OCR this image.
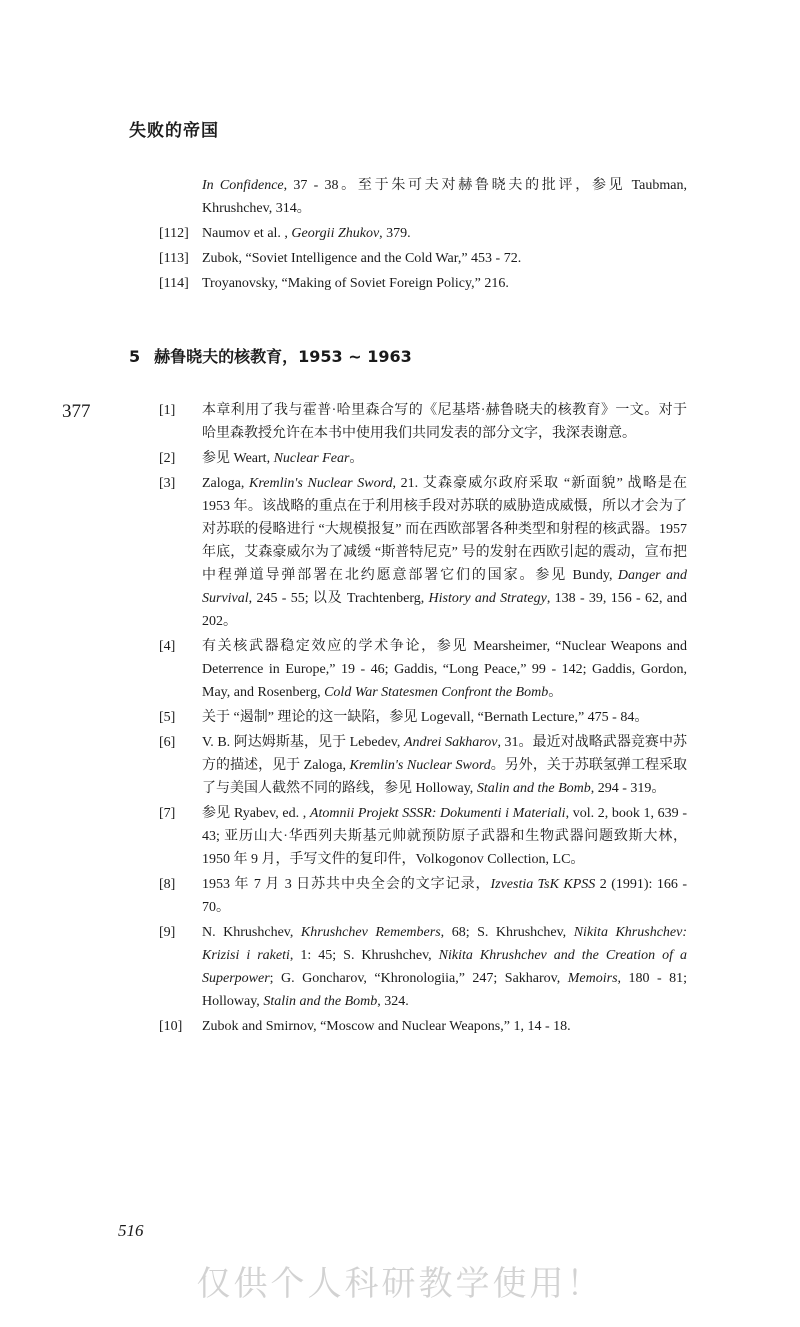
失败的帝国
In Confidence, 37 - 38。至于朱可夫对赫鲁晓夫的批评，参见 Taubman, Khrushchev, 314。
[112] Naumov et al. , Georgii Zhukov, 379.
[113] Zubok, “Soviet Intelligence and the Cold War,” 453 - 72.
[114] Troyanovsky, “Making of Soviet Foreign Policy,” 216.
5 赫鲁晓夫的核教育，1953 ~ 1963
377	[1]	本章利用了我与霍普·哈里森合写的《尼基塔·赫鲁晓夫的核教育》一文。对于哈里森教授允许在本书中使用我们共同发表的部分文字，我深表谢意。
[2]	参见 Weart, Nuclear Fear。
[3]	Zaloga, Kremlin's Nuclear Sword, 21. 艾森豪威尔政府采取 “新面貌” 战略是在 1953 年。该战略的重点在于利用核手段对苏联的威胁造成威慑，所以才会为了对苏联的侵略进行 “大规模报复” 而在西欧部署各种类型和射程的核武器。1957 年底，艾森豪威尔为了减缓 “斯普特尼克” 号的发射在西欧引起的震动，宣布把中程弹道导弹部署在北约愿意部署它们的国家。参见 Bundy, Danger and Survival, 245 - 55; 以及 Trachtenberg, History and Strategy, 138 - 39, 156 - 62, and 202。
[4]	有关核武器稳定效应的学术争论，参见 Mearsheimer, “Nuclear Weapons and Deterrence in Europe,” 19 - 46; Gaddis, “Long Peace,” 99 - 142; Gaddis, Gordon, May, and Rosenberg, Cold War Statesmen Confront the Bomb。
[5]	关于 “遏制” 理论的这一缺陷，参见 Logevall, “Bernath Lecture,” 475 - 84。
[6]	V. B. 阿达姆斯基，见于 Lebedev, Andrei Sakharov, 31。最近对战略武器竞赛中苏方的描述，见于 Zaloga, Kremlin's Nuclear Sword。另外，关于苏联氢弹工程采取了与美国人截然不同的路线，参见 Holloway, Stalin and the Bomb, 294 - 319。
[7]	参见 Ryabev, ed. , Atomnii Projekt SSSR: Dokumenti i Materiali, vol. 2, book 1, 639 - 43; 亚历山大·华西列夫斯基元帅就预防原子武器和生物武器问题致斯大林，1950 年 9 月，手写文件的复印件，Volkogonov Collection, LC。
[8]	1953 年 7 月 3 日苏共中央全会的文字记录，Izvestia TsK KPSS 2 (1991): 166 - 70。
[9]	N. Khrushchev, Khrushchev Remembers, 68; S. Khrushchev, Nikita Khrushchev: Krizisi i raketi, 1: 45; S. Khrushchev, Nikita Khrushchev and the Creation of a Superpower; G. Goncharov, “Khronologiia,” 247; Sakharov, Memoirs, 180 - 81; Holloway, Stalin and the Bomb, 324.
[10]	Zubok and Smirnov, “Moscow and Nuclear Weapons,” 1, 14 - 18.
516
仅供个人科研教学使用！
